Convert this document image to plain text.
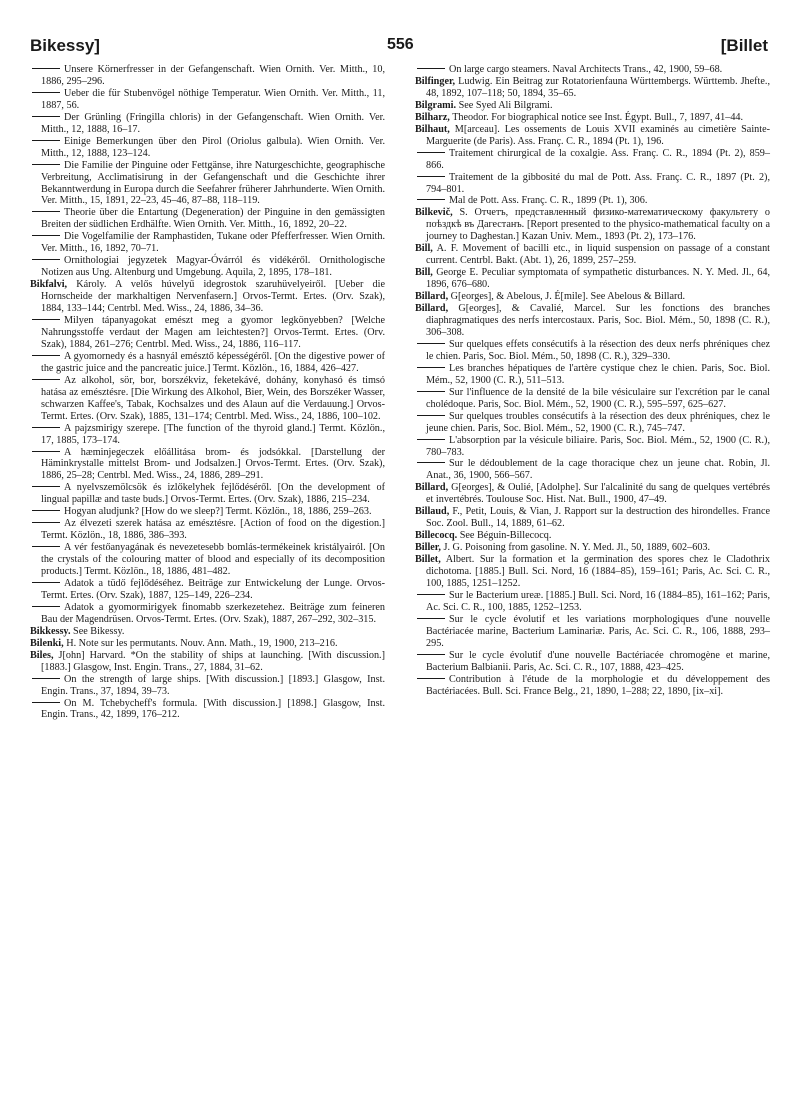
Bikessy]	556	[Billet

Unsere Körnerfresser in der Gefangenschaft. Wien Ornith. Ver. Mitth., 10, 1886, 295–296.

Ueber die für Stubenvögel nöthige Temperatur. Wien Ornith. Ver. Mitth., 11, 1887, 56.

Der Grünling (Fringilla chloris) in der Gefangenschaft. Wien Ornith. Ver. Mitth., 12, 1888, 16–17.

Einige Bemerkungen über den Pirol (Oriolus galbula). Wien Ornith. Ver. Mitth., 12, 1888, 123–124.

Die Familie der Pinguine oder Fettgänse, ihre Naturgeschichte, geographische Verbreitung, Acclimatisirung in der Gefangenschaft und die Geschichte ihrer Bekanntwerdung in Europa durch die Seefahrer früherer Jahrhunderte. Wien Ornith. Ver. Mitth., 15, 1891, 22–23, 45–46, 87–88, 118–119.

Theorie über die Entartung (Degeneration) der Pinguine in den gemässigten Breiten der südlichen Erdhälfte. Wien Ornith. Ver. Mitth., 16, 1892, 20–22.

Die Vogelfamilie der Ramphastiden, Tukane oder Pfefferfresser. Wien Ornith. Ver. Mitth., 16, 1892, 70–71.

Ornithologiai jegyzetek Magyar-Óvárról és vidékéről. Ornithologische Notizen aus Ung. Altenburg und Umgebung. Aquila, 2, 1895, 178–181.

Bikfalvi, Károly. A velős húvelyű idegrostok szaruhüvelyeiről. [Ueber die Hornscheide der markhaltigen Nervenfasern.] Orvos-Termt. Ertes. (Orv. Szak), 1884, 133–144; Centrbl. Med. Wiss., 24, 1886, 34–36.

Milyen tápanyagokat emészt meg a gyomor legkönyebben? [Welche Nahrungsstoffe verdaut der Magen am leichtesten?] Orvos-Termt. Ertes. (Orv. Szak), 1884, 261–276; Centrbl. Med. Wiss., 24, 1886, 116–117.

A gyomornedy és a hasnyál emésztő képességéről. [On the digestive power of the gastric juice and the pancreatic juice.] Termt. Közlön., 16, 1884, 426–427.

Az alkohol, sör, bor, borszékviz, feketekávé, dohány, konyhasó és timsó hatása az emésztésre. [Die Wirkung des Alkohol, Bier, Wein, des Borszéker Wasser, schwarzen Kaffee's, Tabak, Kochsalzes und des Alaun auf die Verdauung.] Orvos-Termt. Ertes. (Orv. Szak), 1885, 131–174; Centrbl. Med. Wiss., 24, 1886, 100–102.

A pajzsmirigy szerepe. [The function of the thyroid gland.] Termt. Közlön., 17, 1885, 173–174.

A hæminjegeczek előállitása brom- és jodsókkal. [Darstellung der Häminkrystalle mittelst Brom- und Jodsalzen.] Orvos-Termt. Ertes. (Orv. Szak), 1886, 25–28; Centrbl. Med. Wiss., 24, 1886, 289–291.

A nyelvszemölcsök és izlőkelyhek fejlődéséről. [On the development of lingual papillæ and taste buds.] Orvos-Termt. Ertes. (Orv. Szak), 1886, 215–234.

Hogyan aludjunk? [How do we sleep?] Termt. Közlön., 18, 1886, 259–263.

Az élvezeti szerek hatása az emésztésre. [Action of food on the digestion.] Termt. Közlön., 18, 1886, 386–393.

A vér festőanyagának és nevezetesebb bomlás-termékeinek kristályairól. [On the crystals of the colouring matter of blood and especially of its decomposition products.] Termt. Közlön., 18, 1886, 481–482.

Adatok a tüdő fejlődéséhez. Beiträge zur Entwickelung der Lunge. Orvos-Termt. Ertes. (Orv. Szak), 1887, 125–149, 226–234.

Adatok a gyomormirigyek finomabb szerkezetehez. Beiträge zum feineren Bau der Magendrüsen. Orvos-Termt. Ertes. (Orv. Szak), 1887, 267–292, 302–315.

Bikkessy. See Bikessy.

Bilenki, H. Note sur les permutants. Nouv. Ann. Math., 19, 1900, 213–216.

Biles, J[ohn] Harvard. *On the stability of ships at launching. [With discussion.] [1883.] Glasgow, Inst. Engin. Trans., 27, 1884, 31–62.

On the strength of large ships. [With discussion.] [1893.] Glasgow, Inst. Engin. Trans., 37, 1894, 39–73.

On M. Tchebycheff's formula. [With discussion.] [1898.] Glasgow, Inst. Engin. Trans., 42, 1899, 176–212.

On large cargo steamers. Naval Architects Trans., 42, 1900, 59–68.

Bilfinger, Ludwig. Ein Beitrag zur Rotatorienfauna Württembergs. Württemb. Jhefte., 48, 1892, 107–118; 50, 1894, 35–65.

Bilgrami. See Syed Ali Bilgrami.

Bilharz, Theodor. For biographical notice see Inst. Égypt. Bull., 7, 1897, 41–44.

Bilhaut, M[arceau]. Les ossements de Louis XVII examinés au cimetière Sainte-Marguerite (de Paris). Ass. Franç. C. R., 1894 (Pt. 1), 196.

Traitement chirurgical de la coxalgie. Ass. Franç. C. R., 1894 (Pt. 2), 859–866.

Traitement de la gibbosité du mal de Pott. Ass. Franç. C. R., 1897 (Pt. 2), 794–801.

Mal de Pott. Ass. Franç. C. R., 1899 (Pt. 1), 306.

Bilkevič, S. Отчетъ, представленный физико-математическому факультету о поѣздкѣ въ Дагестанъ. [Report presented to the physico-mathematical faculty on a journey to Daghestan.] Kazan Univ. Mem., 1893 (Pt. 2), 173–176.

Bill, A. F. Movement of bacilli etc., in liquid suspension on passage of a constant current. Centrbl. Bakt. (Abt. 1), 26, 1899, 257–259.

Bill, George E. Peculiar symptomata of sympathetic disturbances. N. Y. Med. Jl., 64, 1896, 676–680.

Billard, G[eorges], & Abelous, J. É[mile]. See Abelous & Billard.

Billard, G[eorges], & Cavalié, Marcel. Sur les fonctions des branches diaphragmatiques des nerfs intercostaux. Paris, Soc. Biol. Mém., 50, 1898 (C. R.), 306–308.

Sur quelques effets consécutifs à la résection des deux nerfs phréniques chez le chien. Paris, Soc. Biol. Mém., 50, 1898 (C. R.), 329–330.

Les branches hépatiques de l'artère cystique chez le chien. Paris, Soc. Biol. Mém., 52, 1900 (C. R.), 511–513.

Sur l'influence de la densité de la bile vésiculaire sur l'excrétion par le canal cholédoque. Paris, Soc. Biol. Mém., 52, 1900 (C. R.), 595–597, 625–627.

Sur quelques troubles consécutifs à la résection des deux phréniques, chez le jeune chien. Paris, Soc. Biol. Mém., 52, 1900 (C. R.), 745–747.

L'absorption par la vésicule biliaire. Paris, Soc. Biol. Mém., 52, 1900 (C. R.), 780–783.

Sur le dédoublement de la cage thoracique chez un jeune chat. Robin, Jl. Anat., 36, 1900, 566–567.

Billard, G[eorges], & Oulié, [Adolphe]. Sur l'alcalinité du sang de quelques vertébrés et invertébrés. Toulouse Soc. Hist. Nat. Bull., 1900, 47–49.

Billaud, F., Petit, Louis, & Vian, J. Rapport sur la destruction des hirondelles. France Soc. Zool. Bull., 14, 1889, 61–62.

Billecocq. See Béguin-Billecocq.

Biller, J. G. Poisoning from gasoline. N. Y. Med. Jl., 50, 1889, 602–603.

Billet, Albert. Sur la formation et la germination des spores chez le Cladothrix dichotoma. [1885.] Bull. Sci. Nord, 16 (1884–85), 159–161; Paris, Ac. Sci. C. R., 100, 1885, 1251–1252.

Sur le Bacterium ureæ. [1885.] Bull. Sci. Nord, 16 (1884–85), 161–162; Paris, Ac. Sci. C. R., 100, 1885, 1252–1253.

Sur le cycle évolutif et les variations morphologiques d'une nouvelle Bactériacée marine, Bacterium Laminariæ. Paris, Ac. Sci. C. R., 106, 1888, 293–295.

Sur le cycle évolutif d'une nouvelle Bactériacée chromogène et marine, Bacterium Balbianii. Paris, Ac. Sci. C. R., 107, 1888, 423–425.

Contribution à l'étude de la morphologie et du développement des Bactériacées. Bull. Sci. France Belg., 21, 1890, 1–288; 22, 1890, [ix–xi].
